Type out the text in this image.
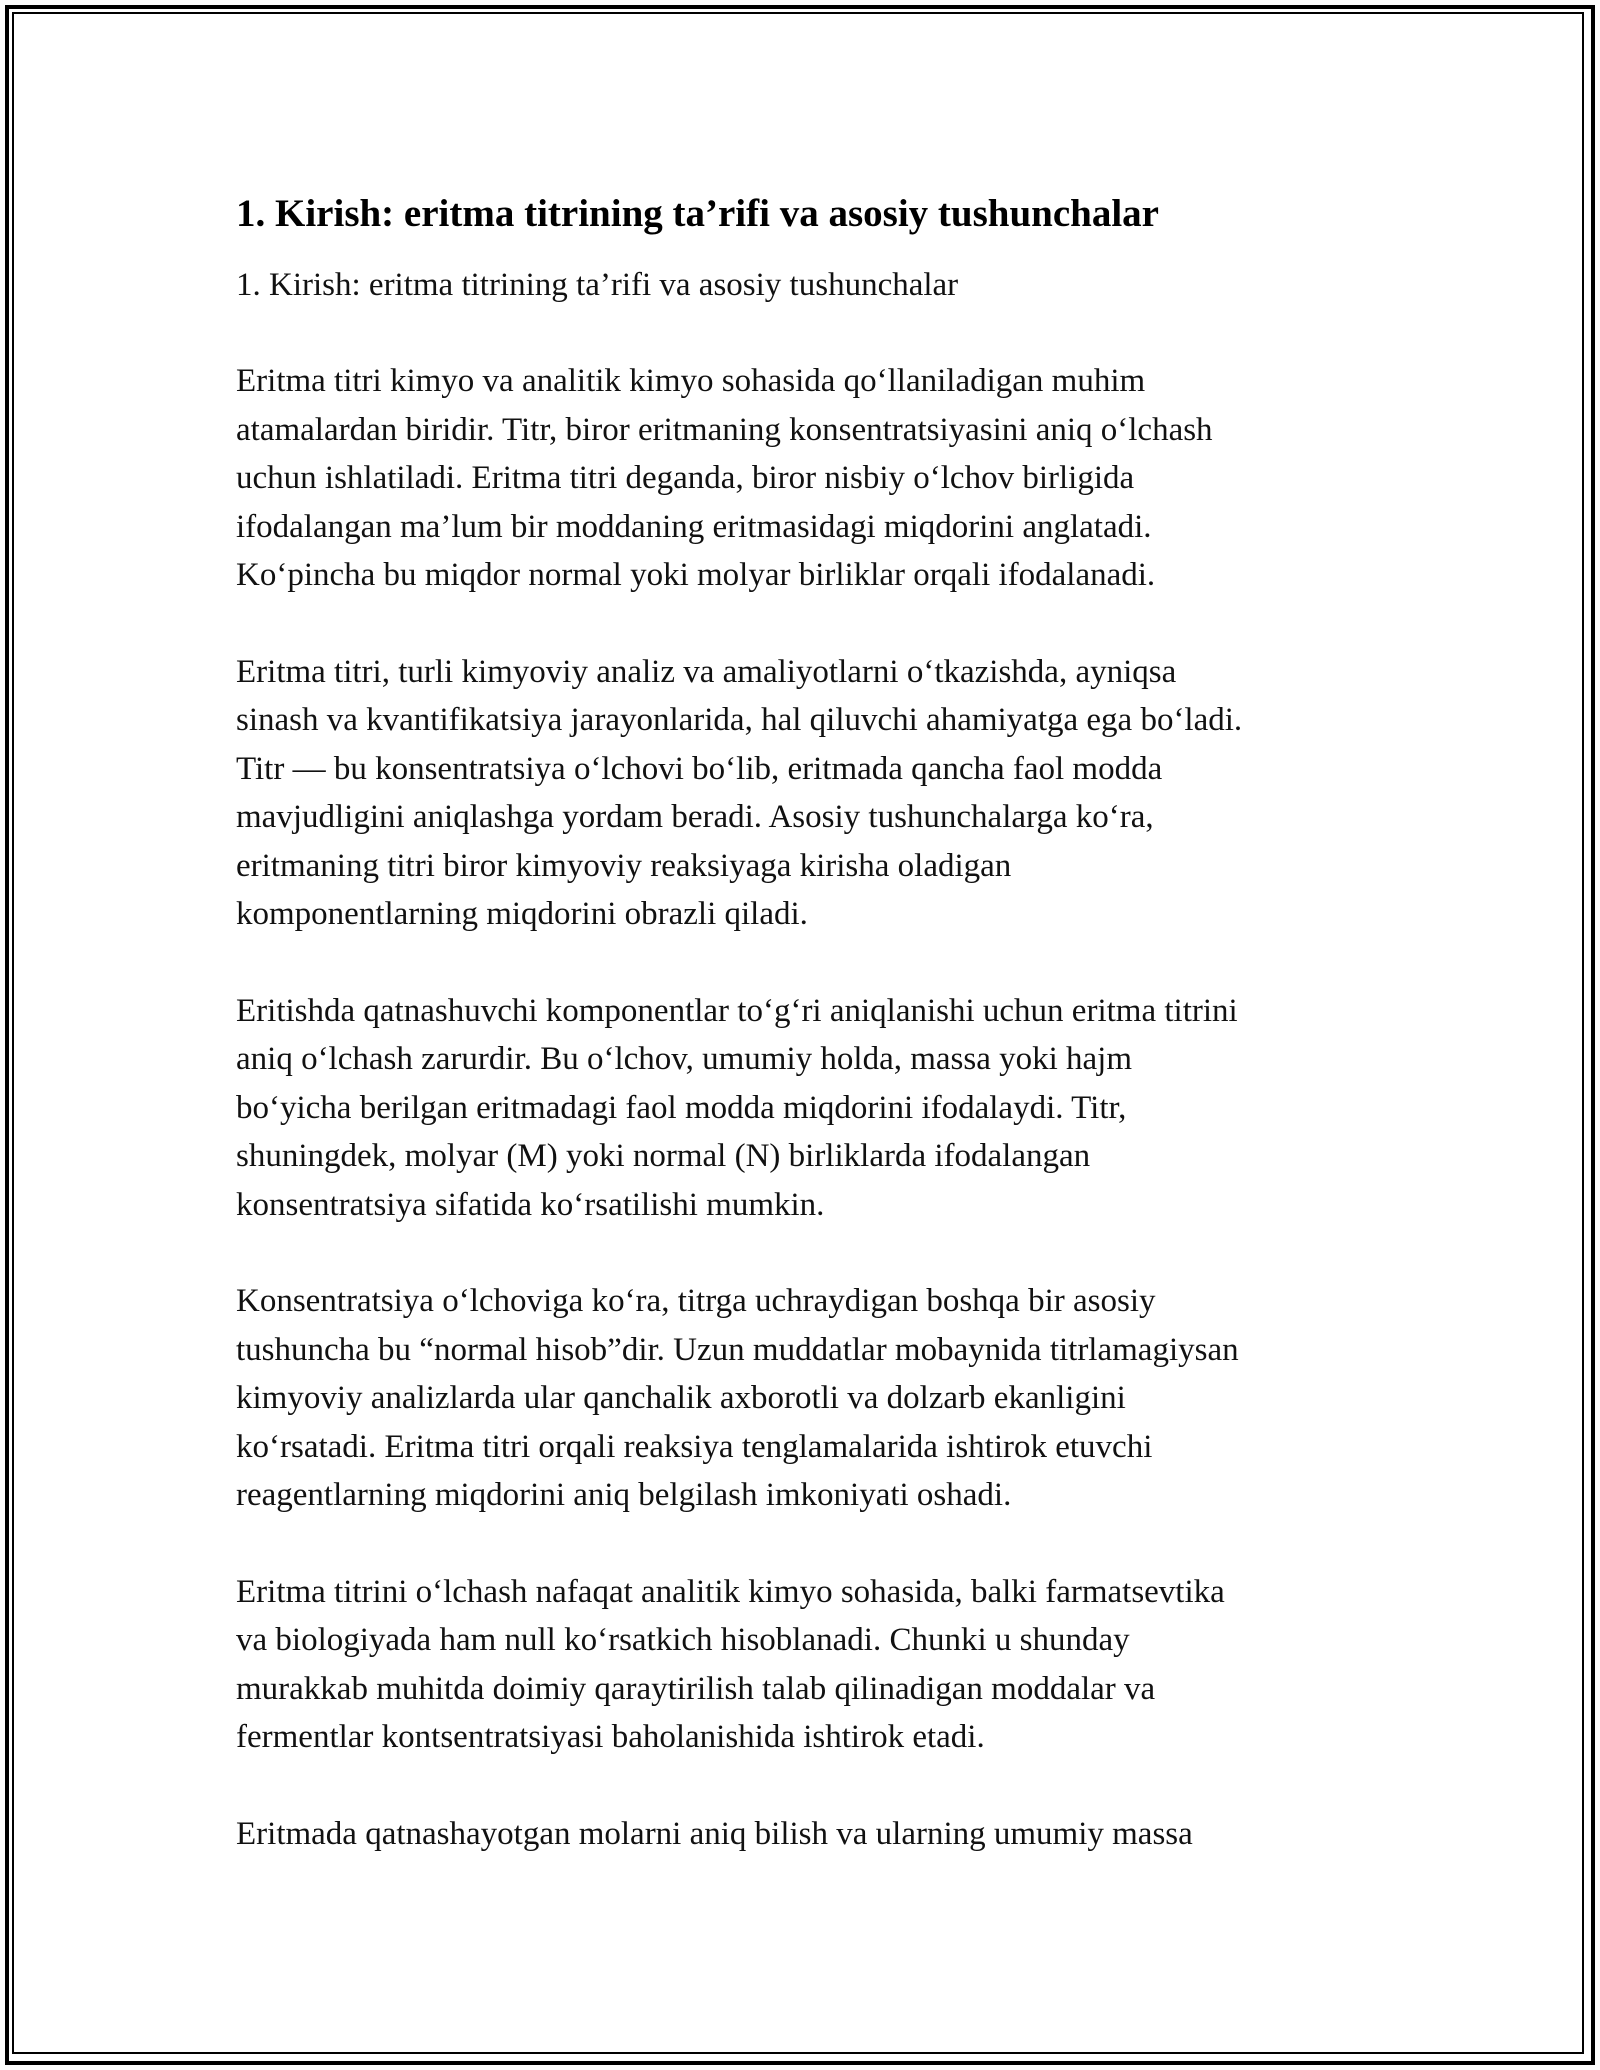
1. Kirish: eritma titrining ta’rifi va asosiy tushunchalar

1. Kirish: eritma titrining ta’rifi va asosiy tushunchalar

Eritma titri kimyo va analitik kimyo sohasida qo‘llaniladigan muhim
atamalardan biridir. Titr, biror eritmaning konsentratsiyasini aniq o‘lchash
uchun ishlatiladi. Eritma titri deganda, biror nisbiy o‘lchov birligida
ifodalangan ma’lum bir moddaning eritmasidagi miqdorini anglatadi.
Ko‘pincha bu miqdor normal yoki molyar birliklar orqali ifodalanadi.

Eritma titri, turli kimyoviy analiz va amaliyotlarni o‘tkazishda, ayniqsa
sinash va kvantifikatsiya jarayonlarida, hal qiluvchi ahamiyatga ega bo‘ladi.
Titr — bu konsentratsiya o‘lchovi bo‘lib, eritmada qancha faol modda
mavjudligini aniqlashga yordam beradi. Asosiy tushunchalarga ko‘ra,
eritmaning titri biror kimyoviy reaksiyaga kirisha oladigan
komponentlarning miqdorini obrazli qiladi.

Eritishda qatnashuvchi komponentlar to‘g‘ri aniqlanishi uchun eritma titrini
aniq o‘lchash zarurdir. Bu o‘lchov, umumiy holda, massa yoki hajm
bo‘yicha berilgan eritmadagi faol modda miqdorini ifodalaydi. Titr,
shuningdek, molyar (M) yoki normal (N) birliklarda ifodalangan
konsentratsiya sifatida ko‘rsatilishi mumkin.

Konsentratsiya o‘lchoviga ko‘ra, titrga uchraydigan boshqa bir asosiy
tushuncha bu “normal hisob”dir. Uzun muddatlar mobaynida titrlamagiysan
kimyoviy analizlarda ular qanchalik axborotli va dolzarb ekanligini
ko‘rsatadi. Eritma titri orqali reaksiya tenglamalarida ishtirok etuvchi
reagentlarning miqdorini aniq belgilash imkoniyati oshadi.

Eritma titrini o‘lchash nafaqat analitik kimyo sohasida, balki farmatsevtika
va biologiyada ham null ko‘rsatkich hisoblanadi. Chunki u shunday
murakkab muhitda doimiy qaraytirilish talab qilinadigan moddalar va
fermentlar kontsentratsiyasi baholanishida ishtirok etadi.

Eritmada qatnashayotgan molarni aniq bilish va ularning umumiy massa
